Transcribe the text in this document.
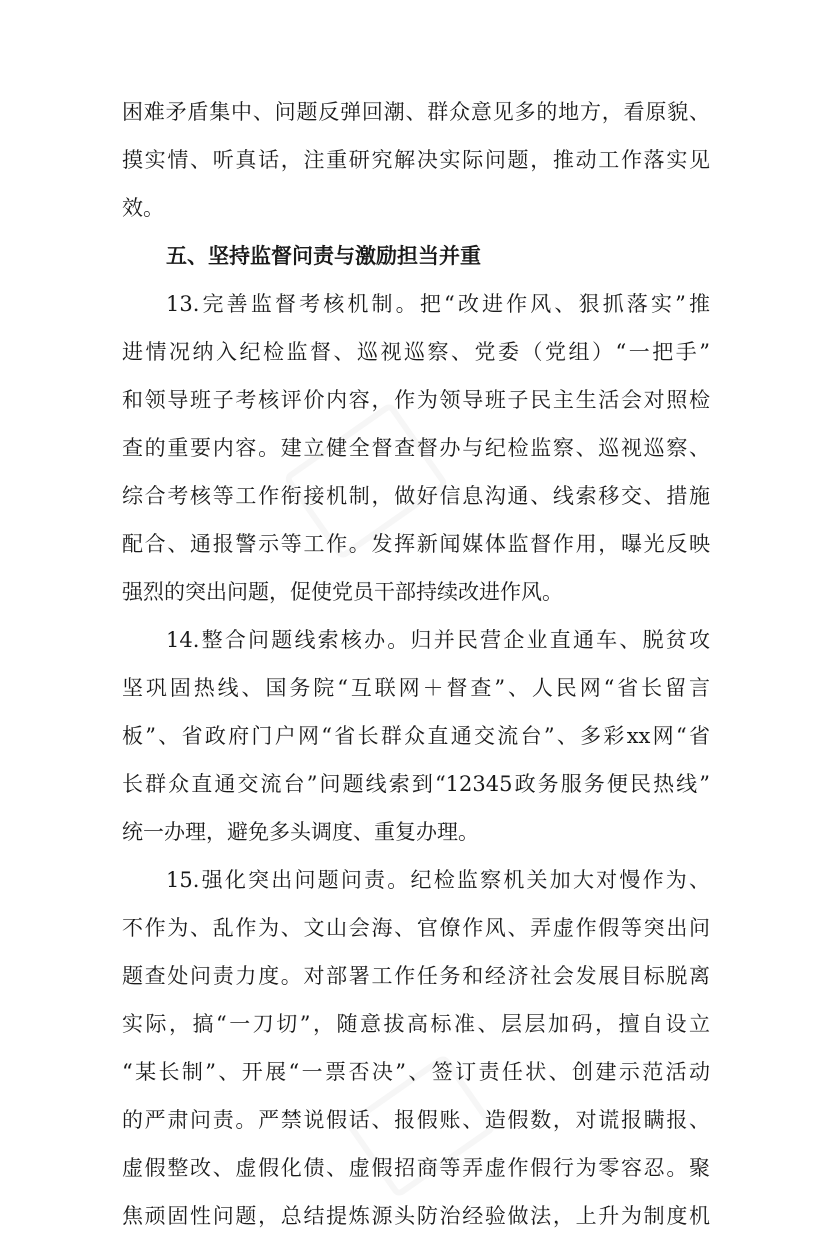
困难矛盾集中、问题反弹回潮、群众意见多的地方，看原貌、
摸实情、听真话，注重研究解决实际问题，推动工作落实见
效。
五、坚持监督问责与激励担当并重
13.完善监督考核机制。把“改进作风、狠抓落实”推
进情况纳入纪检监督、巡视巡察、党委（党组）“一把手”
和领导班子考核评价内容，作为领导班子民主生活会对照检
查的重要内容。建立健全督查督办与纪检监察、巡视巡察、
综合考核等工作衔接机制，做好信息沟通、线索移交、措施
配合、通报警示等工作。发挥新闻媒体监督作用，曝光反映
强烈的突出问题，促使党员干部持续改进作风。
14.整合问题线索核办。归并民营企业直通车、脱贫攻
坚巩固热线、国务院“互联网＋督查”、人民网“省长留言
板”、省政府门户网“省长群众直通交流台”、多彩xx网“省
长群众直通交流台”问题线索到“12345政务服务便民热线”
统一办理，避免多头调度、重复办理。
15.强化突出问题问责。纪检监察机关加大对慢作为、
不作为、乱作为、文山会海、官僚作风、弄虚作假等突出问
题查处问责力度。对部署工作任务和经济社会发展目标脱离
实际，搞“一刀切”，随意拔高标准、层层加码，擅自设立
“某长制”、开展“一票否决”、签订责任状、创建示范活动
的严肃问责。严禁说假话、报假账、造假数，对谎报瞒报、
虚假整改、虚假化债、虚假招商等弄虚作假行为零容忍。聚
焦顽固性问题，总结提炼源头防治经验做法，上升为制度机
